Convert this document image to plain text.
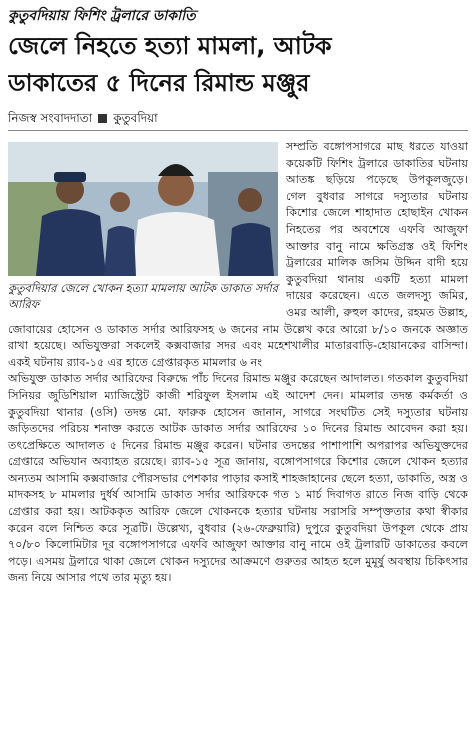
কুতুবদিয়ায় ফিশিং ট্রলারে ডাকাতি
জেলে নিহতে হত্যা মামলা, আটক
ডাকাতের ৫ দিনের রিমান্ড মঞ্জুর
নিজস্ব সংবাদদাতা কুতুবদিয়া
কুতুবদিয়ার জেলে খোকন হত্যা মামলায় আটক ডাকাত সর্দার আরিফ

সম্প্রতি বঙ্গোপসাগরে মাছ ধরতে যাওয়া কয়েকটি ফিশিং ট্রলারে ডাকাতির ঘটনায় আতঙ্ক ছড়িয়ে পড়েছে উপকূলজুড়ে। গেল বুধবার সাগরে দস্যুতার ঘটনায় কিশোর জেলে শাহাদাত হোছাইন খোকন নিহতের পর অবশেষে এফবি আজুফা আক্তার বানু নামে ক্ষতিগ্রস্ত ওই ফিশিং ট্রলারের মালিক জসিম উদ্দিন বাদী হয়ে কুতুবদিয়া থানায় একটি হত্যা মামলা দায়ের করেছেন। এতে জলদস্যু জমির, ওমর আলী, রুহুল কাদের, রহমত উল্লাহ, জোবায়ের হোসেন ও ডাকাত সর্দার আরিফসহ ৬ জনের নাম উল্লেখ করে আরো ৮/১০ জনকে অজ্ঞাত রাখা হয়েছে। অভিযুক্তরা সকলেই কক্সবাজার সদর এবং মহেশখালীর মাতারবাড়ি-হোয়ানকের বাসিন্দা। একই ঘটনায় র‍্যাব-১৫ এর হাতে গ্রেপ্তারকৃত মামলার ৬ নং

অভিযুক্ত ডাকাত সর্দার আরিফের বিরুদ্ধে পাঁচ দিনের রিমান্ড মঞ্জুর করেছেন আদালত। গতকাল কুতুবদিয়া সিনিয়র জুডিশিয়াল ম্যাজিস্ট্রেট কাজী শরিফুল ইসলাম এই আদেশ দেন। মামলার তদন্ত কর্মকর্তা ও কুতুবদিয়া থানার (ওসি) তদন্ত মো. ফারুক হোসেন জানান, সাগরে সংঘটিত সেই দস্যুতার ঘটনায় জড়িতদের পরিচয় শনাক্ত করতে আটক ডাকাত সর্দার আরিফের ১০ দিনের রিমান্ড আবেদন করা হয়। তৎপ্রেক্ষিতে আদালত ৫ দিনের রিমান্ড মঞ্জুর করেন। ঘটনার তদন্তের পাশাপাশি অপরাপর অভিযুক্তদের গ্রেপ্তারে অভিযান অব্যাহত রয়েছে। র‍্যাব-১৫ সূত্র জানায়, বঙ্গোপসাগরে কিশোর জেলে খোকন হত্যার অন্যতম আসামি কক্সবাজার পৌরসভার পেশকার পাড়ার কসাই শাহজাহানের ছেলে হত্যা, ডাকাতি, অস্ত্র ও মাদকসহ ৮ মামলার দুর্ধর্ষ আসামি ডাকাত সর্দার আরিফকে গত ১ মার্চ দিবাগত রাতে নিজ বাড়ি থেকে গ্রেপ্তার করা হয়। আটককৃত আরিফ জেলে খোকনকে হত্যার ঘটনায় সরাসরি সম্পৃক্ততার কথা স্বীকার করেন বলে নিশ্চিত করে সূত্রটি। উল্লেখ্য, বুধবার (২৬-ফেব্রুয়ারি) দুপুরে কুতুবদিয়া উপকূল থেকে প্রায় ৭০/৮০ কিলোমিটার দূর বঙ্গোপসাগরে এফবি আজুফা আক্তার বানু নামে ওই ট্রলারটি ডাকাতের কবলে পড়ে। এসময় ট্রলারে থাকা জেলে খোকন দস্যুদের আক্রমণে গুরুতর আহত হলে মুমূর্ষু অবস্থায় চিকিৎসার জন্য নিয়ে আসার পথে তার মৃত্যু হয়।
